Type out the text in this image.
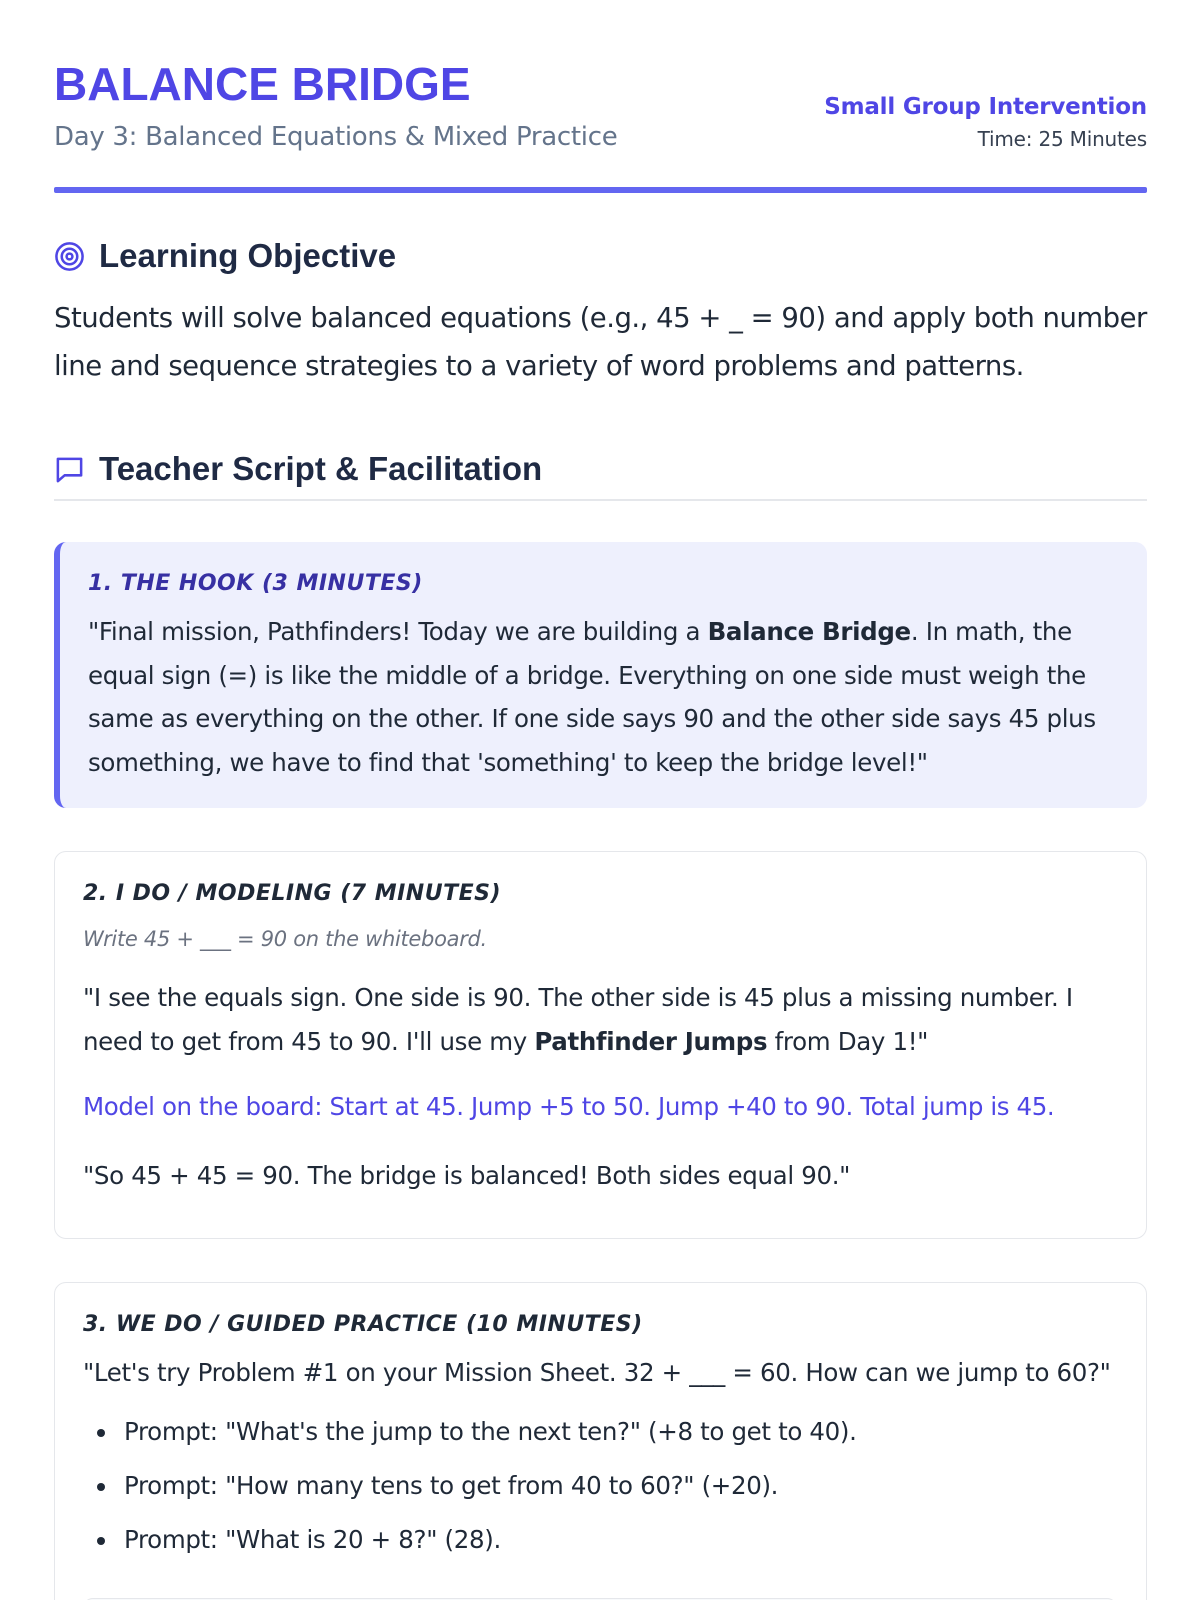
BALANCE BRIDGE
Day 3: Balanced Equations & Mixed Practice
Small Group Intervention
Time: 25 Minutes
Learning Objective
Students will solve balanced equations (e.g., 45 + _ = 90) and apply both number line and sequence strategies to a variety of word problems and patterns.
Teacher Script & Facilitation
1. THE HOOK (3 MINUTES)

"Final mission, Pathfinders! Today we are building a Balance Bridge. In math, the equal sign (=) is like the middle of a bridge. Everything on one side must weigh the same as everything on the other. If one side says 90 and the other side says 45 plus something, we have to find that 'something' to keep the bridge level!"

2. I DO / MODELING (7 MINUTES)

Write 45 + ___ = 90 on the whiteboard.

"I see the equals sign. One side is 90. The other side is 45 plus a missing number. I need to get from 45 to 90. I'll use my Pathfinder Jumps from Day 1!"

Model on the board: Start at 45. Jump +5 to 50. Jump +40 to 90. Total jump is 45.

"So 45 + 45 = 90. The bridge is balanced! Both sides equal 90."

3. WE DO / GUIDED PRACTICE (10 MINUTES)

"Let's try Problem #1 on your Mission Sheet. 32 + ___ = 60. How can we jump to 60?"

Prompt: "What's the jump to the next ten?" (+8 to get to 40).
Prompt: "How many tens to get from 40 to 60?" (+20).
Prompt: "What is 20 + 8?" (28).
